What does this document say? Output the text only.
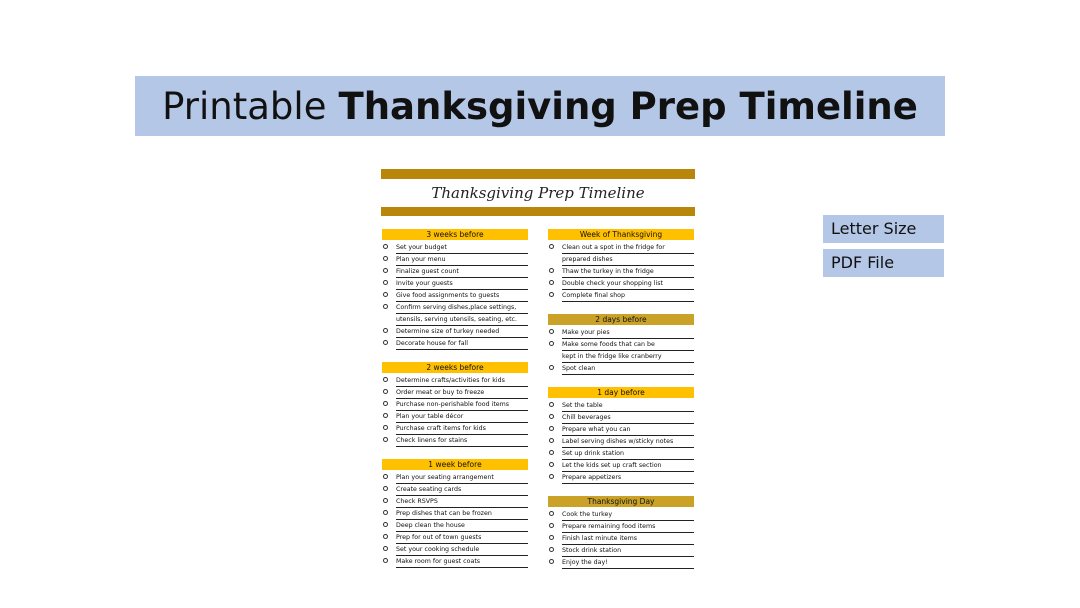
Printable Thanksgiving Prep Timeline
Letter Size
PDF File
Thanksgiving Prep Timeline
3 weeks before
Set your budget
Plan your menu
Finalize guest count
Invite your guests
Give food assignments to guests
Confirm serving dishes,place settings,
utensils, serving utensils, seating, etc.
Determine size of turkey needed
Decorate house for fall
2 weeks before
Determine crafts/activities for kids
Order meat or buy to freeze
Purchase non-perishable food items
Plan your table décor
Purchase craft items for kids
Check linens for stains
1 week before
Plan your seating arrangement
Create seating cards
Check RSVPS
Prep dishes that can be frozen
Deep clean the house
Prep for out of town guests
Set your cooking schedule
Make room for guest coats
Week of Thanksgiving
Clean out a spot in the fridge for
prepared dishes
Thaw the turkey in the fridge
Double check your shopping list
Complete final shop
2 days before
Make your pies
Make some foods that can be
kept in the fridge like cranberry
Spot clean
1 day before
Set the table
Chill beverages
Prepare what you can
Label serving dishes w/sticky notes
Set up drink station
Let the kids set up craft section
Prepare appetizers
Thanksgiving Day
Cook the turkey
Prepare remaining food items
Finish last minute items
Stock drink station
Enjoy the day!
